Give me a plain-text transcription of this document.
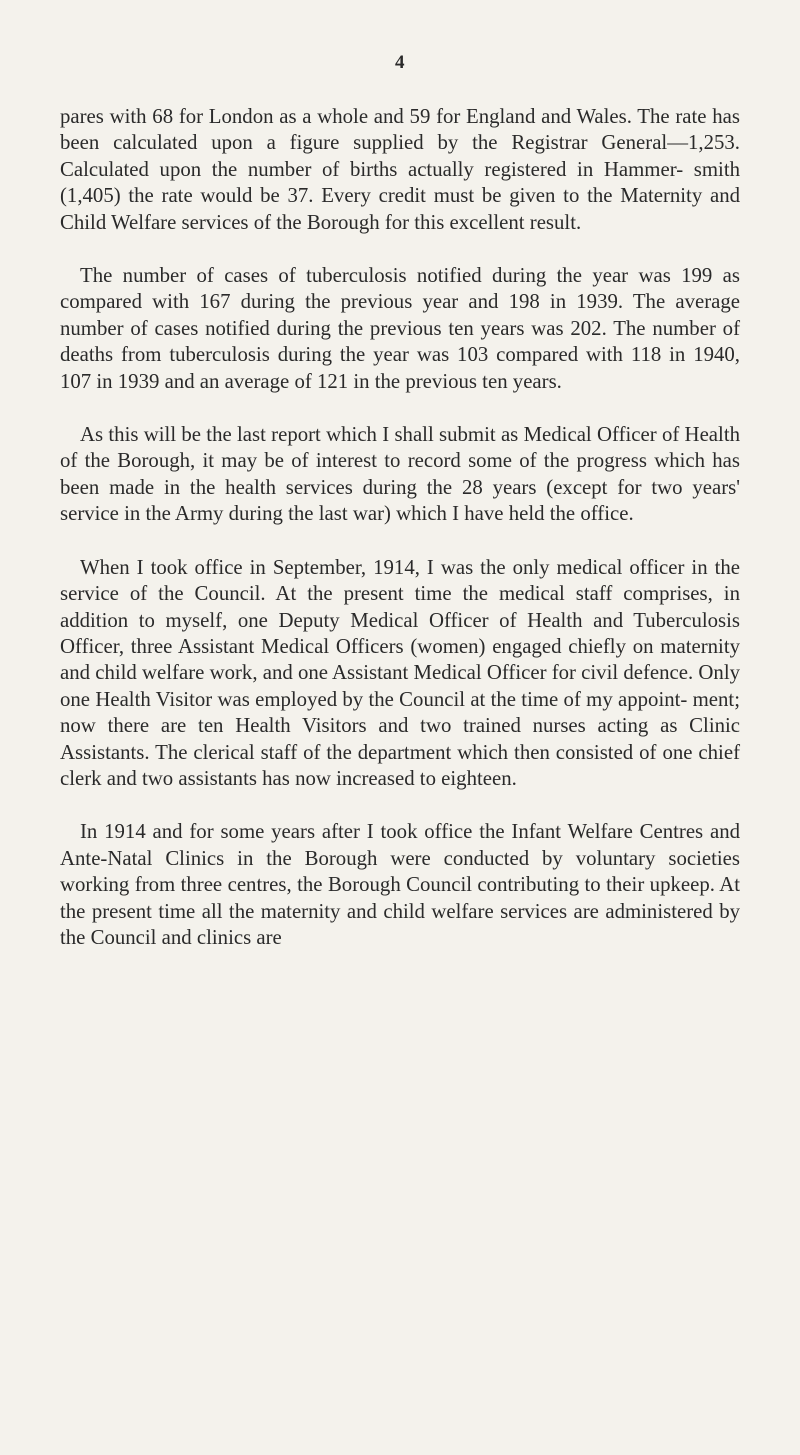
4

pares with 68 for London as a whole and 59 for England and Wales. The rate has been calculated upon a figure supplied by the Registrar General—1,253. Calculated upon the number of births actually registered in Hammer- smith (1,405) the rate would be 37. Every credit must be given to the Maternity and Child Welfare services of the Borough for this excellent result.

The number of cases of tuberculosis notified during the year was 199 as compared with 167 during the previous year and 198 in 1939. The average number of cases notified during the previous ten years was 202. The number of deaths from tuberculosis during the year was 103 compared with 118 in 1940, 107 in 1939 and an average of 121 in the previous ten years.

As this will be the last report which I shall submit as Medical Officer of Health of the Borough, it may be of interest to record some of the progress which has been made in the health services during the 28 years (except for two years' service in the Army during the last war) which I have held the office.

When I took office in September, 1914, I was the only medical officer in the service of the Council. At the present time the medical staff comprises, in addition to myself, one Deputy Medical Officer of Health and Tuberculosis Officer, three Assistant Medical Officers (women) engaged chiefly on maternity and child welfare work, and one Assistant Medical Officer for civil defence. Only one Health Visitor was employed by the Council at the time of my appoint- ment; now there are ten Health Visitors and two trained nurses acting as Clinic Assistants. The clerical staff of the department which then consisted of one chief clerk and two assistants has now increased to eighteen.

In 1914 and for some years after I took office the Infant Welfare Centres and Ante-Natal Clinics in the Borough were conducted by voluntary societies working from three centres, the Borough Council contributing to their upkeep. At the present time all the maternity and child welfare services are administered by the Council and clinics are
